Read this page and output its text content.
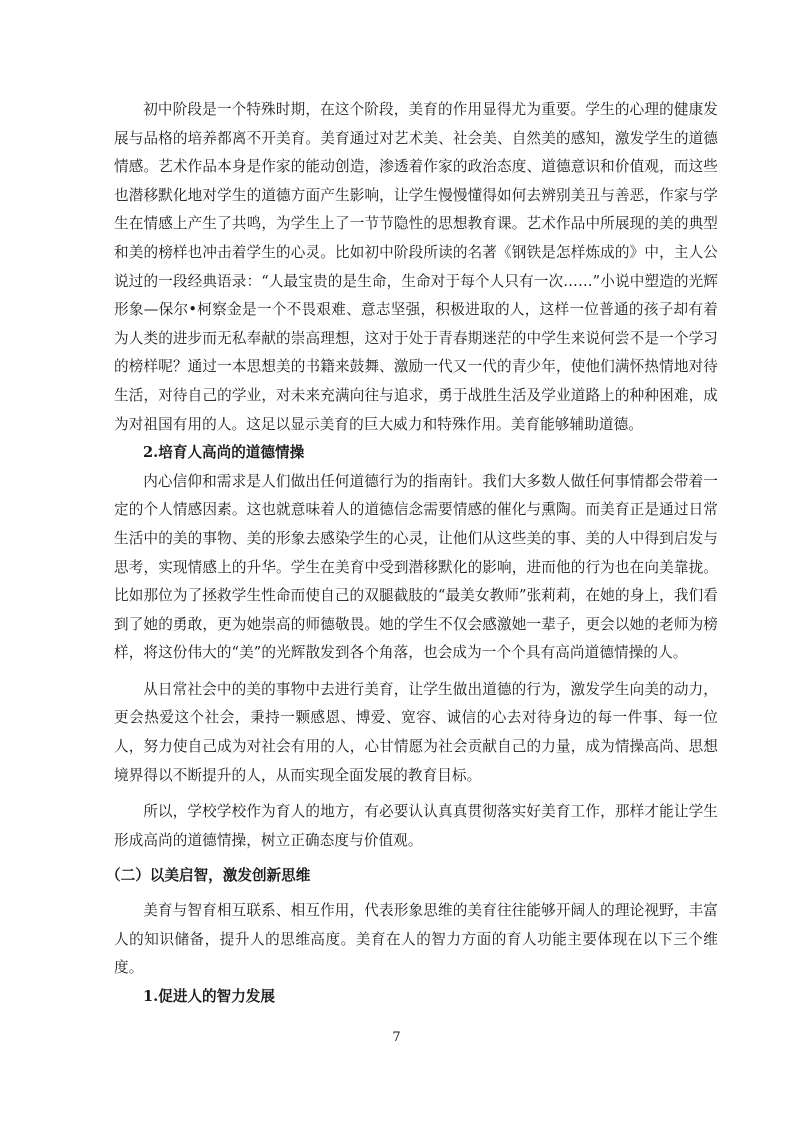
初中阶段是一个特殊时期，在这个阶段，美育的作用显得尤为重要。学生的心理的健康发展与品格的培养都离不开美育。美育通过对艺术美、社会美、自然美的感知，激发学生的道德情感。艺术作品本身是作家的能动创造，渗透着作家的政治态度、道德意识和价值观，而这些也潜移默化地对学生的道德方面产生影响，让学生慢慢懂得如何去辨别美丑与善恶，作家与学生在情感上产生了共鸣，为学生上了一节节隐性的思想教育课。艺术作品中所展现的美的典型和美的榜样也冲击着学生的心灵。比如初中阶段所读的名著《钢铁是怎样炼成的》中，主人公说过的一段经典语录：“人最宝贵的是生命，生命对于每个人只有一次……”小说中塑造的光辉形象—保尔•柯察金是一个不畏艰难、意志坚强，积极进取的人，这样一位普通的孩子却有着为人类的进步而无私奉献的崇高理想，这对于处于青春期迷茫的中学生来说何尝不是一个学习的榜样呢？通过一本思想美的书籍来鼓舞、激励一代又一代的青少年，使他们满怀热情地对待生活，对待自己的学业，对未来充满向往与追求，勇于战胜生活及学业道路上的种种困难，成为对祖国有用的人。这足以显示美育的巨大威力和特殊作用。美育能够辅助道德。

2.培育人高尚的道德情操

内心信仰和需求是人们做出任何道德行为的指南针。我们大多数人做任何事情都会带着一定的个人情感因素。这也就意味着人的道德信念需要情感的催化与熏陶。而美育正是通过日常生活中的美的事物、美的形象去感染学生的心灵，让他们从这些美的事、美的人中得到启发与思考，实现情感上的升华。学生在美育中受到潜移默化的影响，进而他的行为也在向美靠拢。比如那位为了拯救学生性命而使自己的双腿截肢的“最美女教师”张莉莉，在她的身上，我们看到了她的勇敢，更为她崇高的师德敬畏。她的学生不仅会感激她一辈子，更会以她的老师为榜样，将这份伟大的“美”的光辉散发到各个角落，也会成为一个个具有高尚道德情操的人。

从日常社会中的美的事物中去进行美育，让学生做出道德的行为，激发学生向美的动力，更会热爱这个社会，秉持一颗感恩、博爱、宽容、诚信的心去对待身边的每一件事、每一位人，努力使自己成为对社会有用的人，心甘情愿为社会贡献自己的力量，成为情操高尚、思想境界得以不断提升的人，从而实现全面发展的教育目标。

所以，学校学校作为育人的地方，有必要认认真真贯彻落实好美育工作，那样才能让学生形成高尚的道德情操，树立正确态度与价值观。

（二）以美启智，激发创新思维

美育与智育相互联系、相互作用，代表形象思维的美育往往能够开阔人的理论视野，丰富人的知识储备，提升人的思维高度。美育在人的智力方面的育人功能主要体现在以下三个维度。

1.促进人的智力发展

7
